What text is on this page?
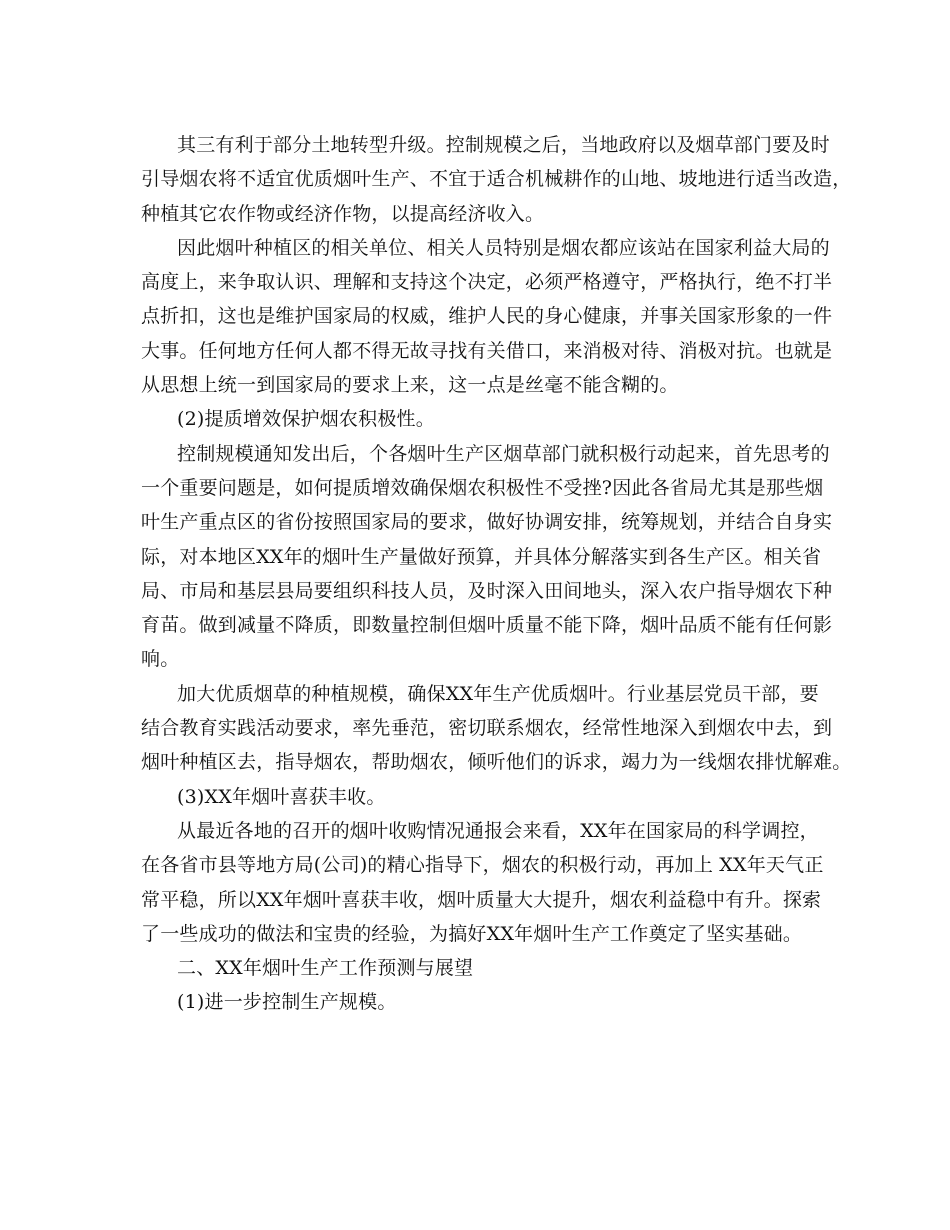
其三有利于部分土地转型升级。控制规模之后，当地政府以及烟草部门要及时
引导烟农将不适宜优质烟叶生产、不宜于适合机械耕作的山地、坡地进行适当改造，
种植其它农作物或经济作物，以提高经济收入。
因此烟叶种植区的相关单位、相关人员特别是烟农都应该站在国家利益大局的
高度上，来争取认识、理解和支持这个决定，必须严格遵守，严格执行，绝不打半
点折扣，这也是维护国家局的权威，维护人民的身心健康，并事关国家形象的一件
大事。任何地方任何人都不得无故寻找有关借口，来消极对待、消极对抗。也就是
从思想上统一到国家局的要求上来，这一点是丝毫不能含糊的。
(2)提质增效保护烟农积极性。
控制规模通知发出后，个各烟叶生产区烟草部门就积极行动起来，首先思考的
一个重要问题是，如何提质增效确保烟农积极性不受挫?因此各省局尤其是那些烟
叶生产重点区的省份按照国家局的要求，做好协调安排，统筹规划，并结合自身实
际，对本地区XX年的烟叶生产量做好预算，并具体分解落实到各生产区。相关省
局、市局和基层县局要组织科技人员，及时深入田间地头，深入农户指导烟农下种
育苗。做到减量不降质，即数量控制但烟叶质量不能下降，烟叶品质不能有任何影
响。
加大优质烟草的种植规模，确保XX年生产优质烟叶。行业基层党员干部，要
结合教育实践活动要求，率先垂范，密切联系烟农，经常性地深入到烟农中去，到
烟叶种植区去，指导烟农，帮助烟农，倾听他们的诉求，竭力为一线烟农排忧解难。
(3)XX年烟叶喜获丰收。
从最近各地的召开的烟叶收购情况通报会来看，XX年在国家局的科学调控，
在各省市县等地方局(公司)的精心指导下，烟农的积极行动，再加上 XX年天气正
常平稳，所以XX年烟叶喜获丰收，烟叶质量大大提升，烟农利益稳中有升。探索
了一些成功的做法和宝贵的经验，为搞好XX年烟叶生产工作奠定了坚实基础。
二、XX年烟叶生产工作预测与展望
(1)进一步控制生产规模。
